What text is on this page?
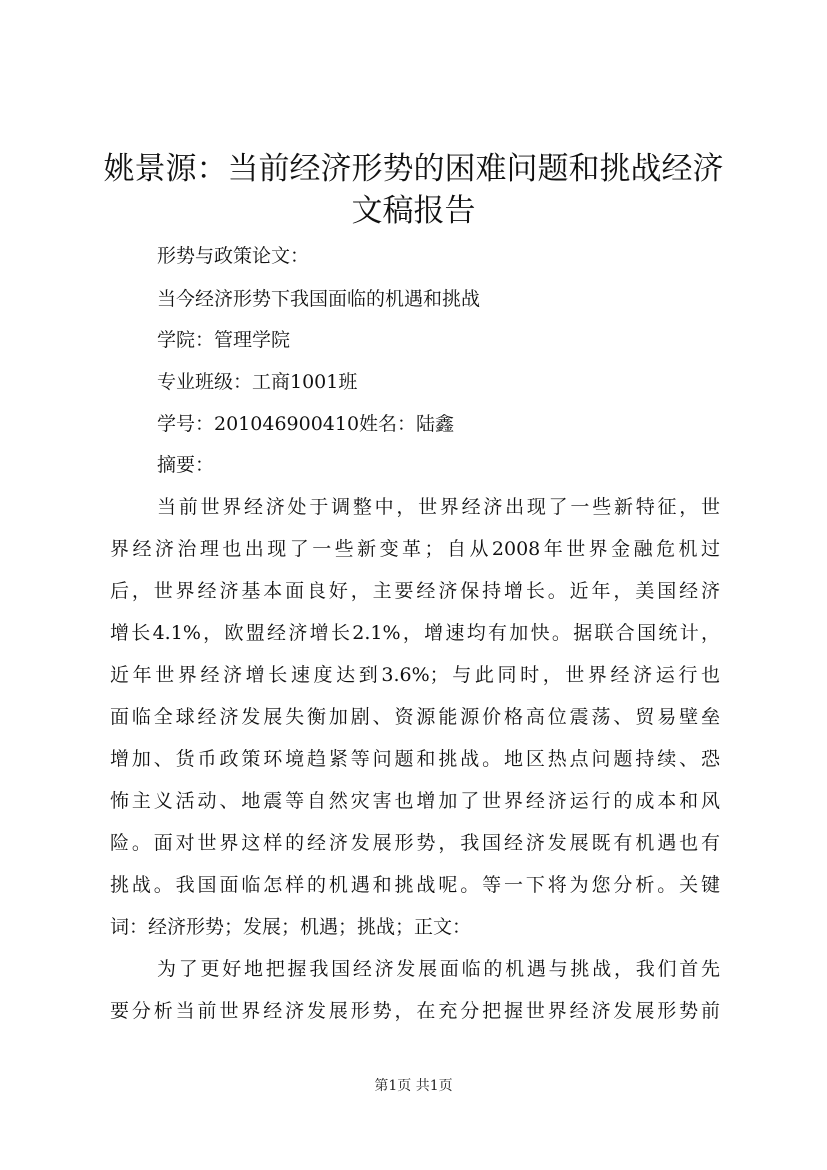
姚景源：当前经济形势的困难问题和挑战经济
文稿报告
形势与政策论文：
当今经济形势下我国面临的机遇和挑战
学院：管理学院
专业班级：工商1001班
学号：201046900410姓名：陆鑫
摘要：
当前世界经济处于调整中，世界经济出现了一些新特征，世
界经济治理也出现了一些新变革；自从2008年世界金融危机过
后，世界经济基本面良好，主要经济保持增长。近年，美国经济
增长4.1%，欧盟经济增长2.1%，增速均有加快。据联合国统计，
近年世界经济增长速度达到3.6%；与此同时，世界经济运行也
面临全球经济发展失衡加剧、资源能源价格高位震荡、贸易壁垒
增加、货币政策环境趋紧等问题和挑战。地区热点问题持续、恐
怖主义活动、地震等自然灾害也增加了世界经济运行的成本和风
险。面对世界这样的经济发展形势，我国经济发展既有机遇也有
挑战。我国面临怎样的机遇和挑战呢。等一下将为您分析。关键
词：经济形势；发展；机遇；挑战；正文：
为了更好地把握我国经济发展面临的机遇与挑战，我们首先
要分析当前世界经济发展形势，在充分把握世界经济发展形势前
第1页 共1页
